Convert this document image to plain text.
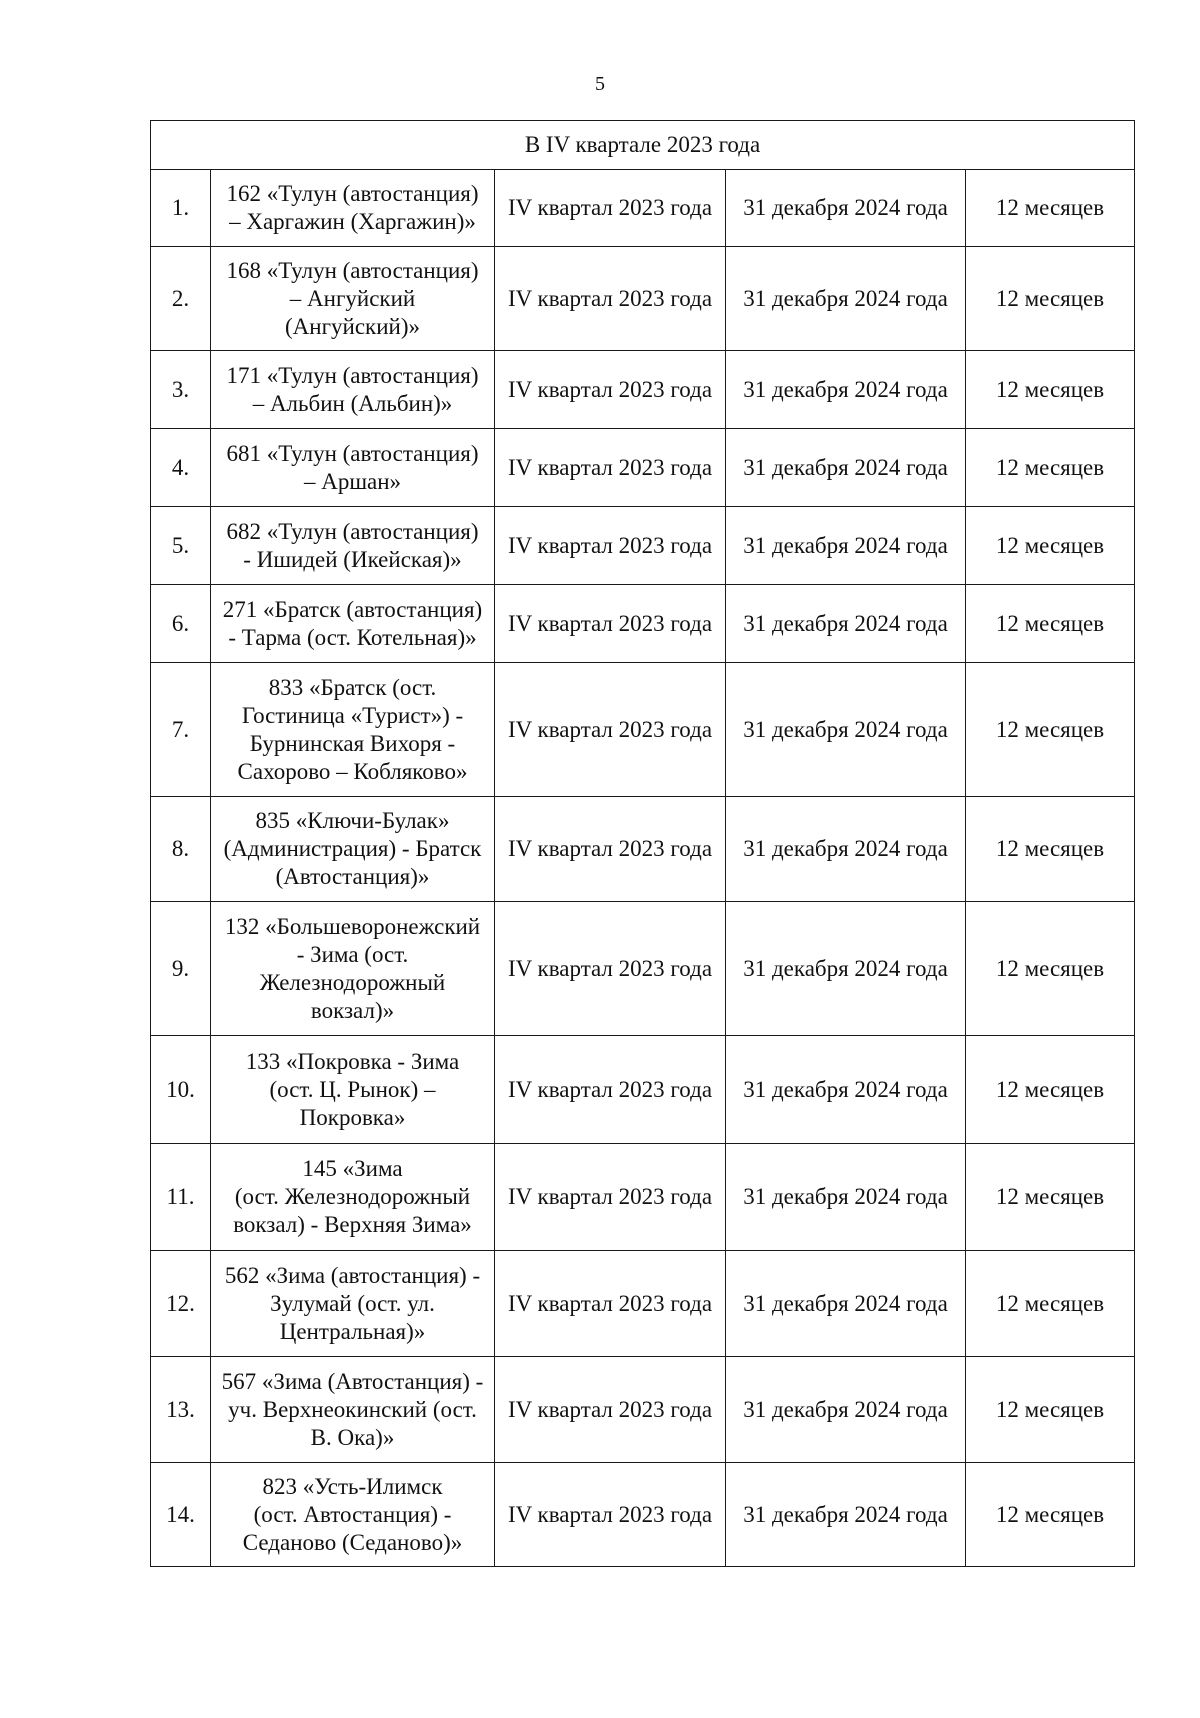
5
В IV квартале 2023 года				
1.	162 «Тулун (автостанция)
– Харгажин (Харгажин)»	IV квартал 2023 года	31 декабря 2024 года	12 месяцев
2.	168 «Тулун (автостанция)
– Ангуйский
(Ангуйский)»	IV квартал 2023 года	31 декабря 2024 года	12 месяцев
3.	171 «Тулун (автостанция)
– Альбин (Альбин)»	IV квартал 2023 года	31 декабря 2024 года	12 месяцев
4.	681 «Тулун (автостанция)
– Аршан»	IV квартал 2023 года	31 декабря 2024 года	12 месяцев
5.	682 «Тулун (автостанция)
- Ишидей (Икейская)»	IV квартал 2023 года	31 декабря 2024 года	12 месяцев
6.	271 «Братск (автостанция)
- Тарма (ост. Котельная)»	IV квартал 2023 года	31 декабря 2024 года	12 месяцев
7.	833 «Братск (ост.
Гостиница «Турист») -
Бурнинская Вихоря -
Сахорово – Кобляково»	IV квартал 2023 года	31 декабря 2024 года	12 месяцев
8.	835 «Ключи-Булак»
(Администрация) - Братск
(Автостанция)»	IV квартал 2023 года	31 декабря 2024 года	12 месяцев
9.	132 «Большеворонежский
- Зима (ост.
Железнодорожный
вокзал)»	IV квартал 2023 года	31 декабря 2024 года	12 месяцев
10.	133 «Покровка - Зима
(ост. Ц. Рынок) –
Покровка»	IV квартал 2023 года	31 декабря 2024 года	12 месяцев
11.	145 «Зима
(ост. Железнодорожный
вокзал) - Верхняя Зима»	IV квартал 2023 года	31 декабря 2024 года	12 месяцев
12.	562 «Зима (автостанция) -
Зулумай (ост. ул.
Центральная)»	IV квартал 2023 года	31 декабря 2024 года	12 месяцев
13.	567 «Зима (Автостанция) -
уч. Верхнеокинский (ост.
В. Ока)»	IV квартал 2023 года	31 декабря 2024 года	12 месяцев
14.	823 «Усть-Илимск
(ост. Автостанция) -
Седаново (Седаново)»	IV квартал 2023 года	31 декабря 2024 года	12 месяцев
